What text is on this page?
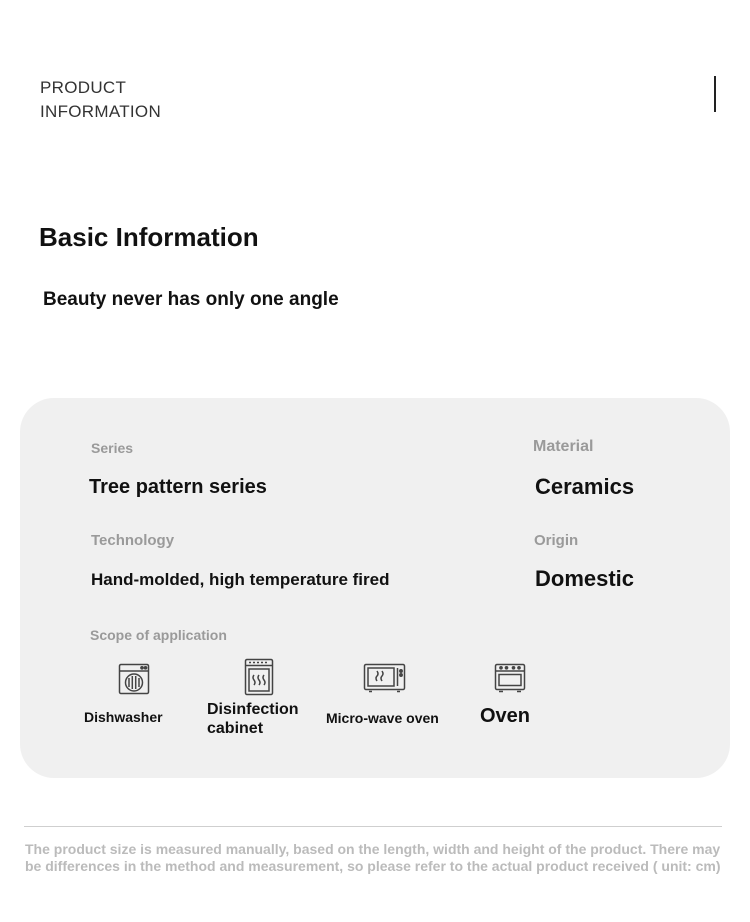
PRODUCT
INFORMATION
Basic Information
Beauty never has only one angle
Series
Tree pattern series
Material
Ceramics
Technology
Hand-molded, high temperature fired
Origin
Domestic
Scope of application
Dishwasher	Disinfection
cabinet
Micro-wave oven Oven
The product size is measured manually, based on the length, width and height of the product. There may be differences in the method and measurement, so please refer to the actual product received ( unit: cm)
